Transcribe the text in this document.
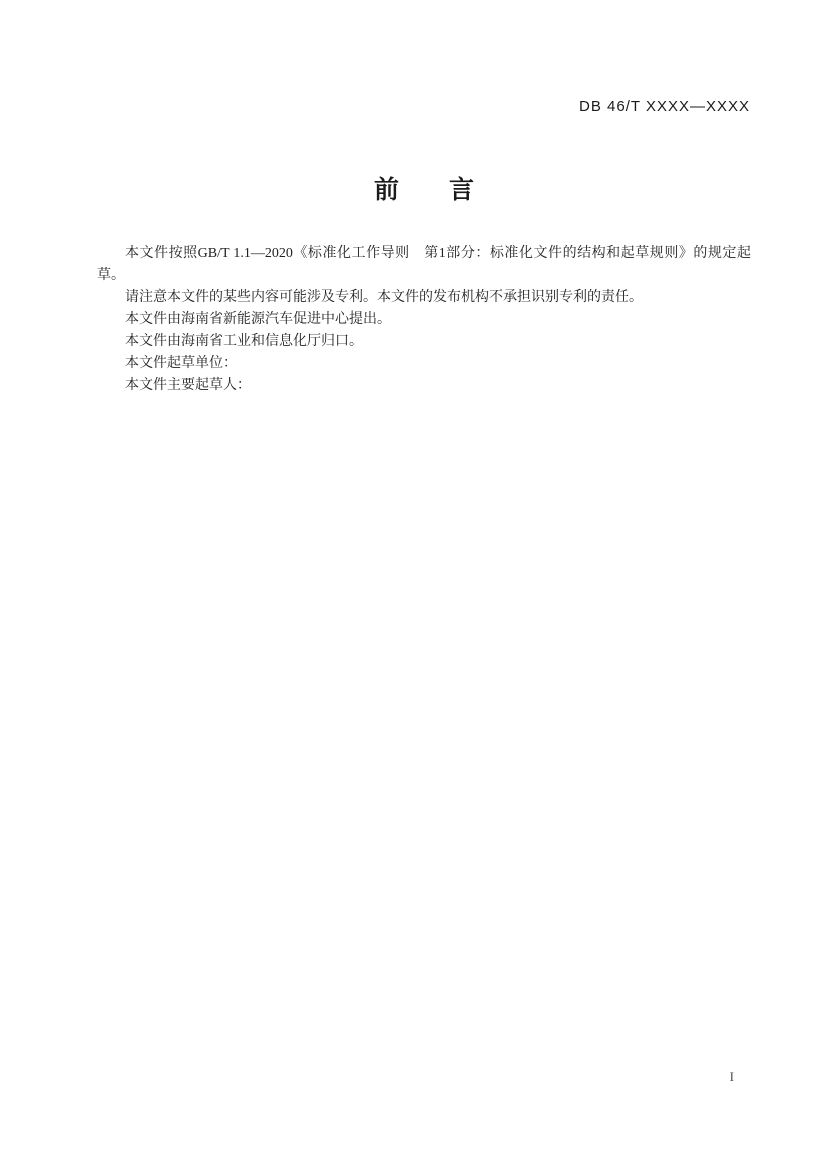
DB 46/T XXXX—XXXX
前　　言

本文件按照GB/T 1.1—2020《标准化工作导则　第1部分：标准化文件的结构和起草规则》的规定起草。

请注意本文件的某些内容可能涉及专利。本文件的发布机构不承担识别专利的责任。

本文件由海南省新能源汽车促进中心提出。

本文件由海南省工业和信息化厅归口。

本文件起草单位：

本文件主要起草人：

I
